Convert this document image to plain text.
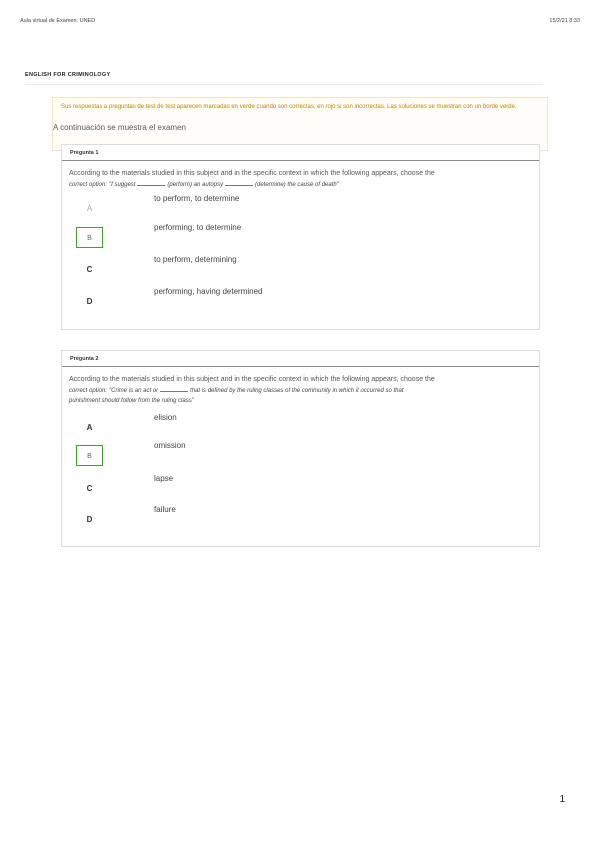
Aula virtual de Examen. UNED	15/2/21 8:33
ENGLISH FOR CRIMINOLOGY
Sus respuestas a preguntas de test de test aparecen marcadas en verde cuando son correctas, en rojo si son incorrectas. Las soluciones se muestran con un borde verde.
A continuación se muestra el examen
Pregunta 1
According to the materials studied in this subject and in the specific context in which the following appears, choose the
correct option: "I suggest	(perform) an autopsy	(determine) the cause of death"
A
to perform, to determine
B
performing, to determine
C
to perform, determining
D
performing, having determined
Pregunta 2
According to the materials studied in this subject and in the specific context in which the following appears, choose the
correct option: "Crime is an act or	that is defined by the ruling classes of the community in which it occurred so that
punishment should follow from the ruling class"
A
elision
B
omission
C
lapse
D
failure
1
